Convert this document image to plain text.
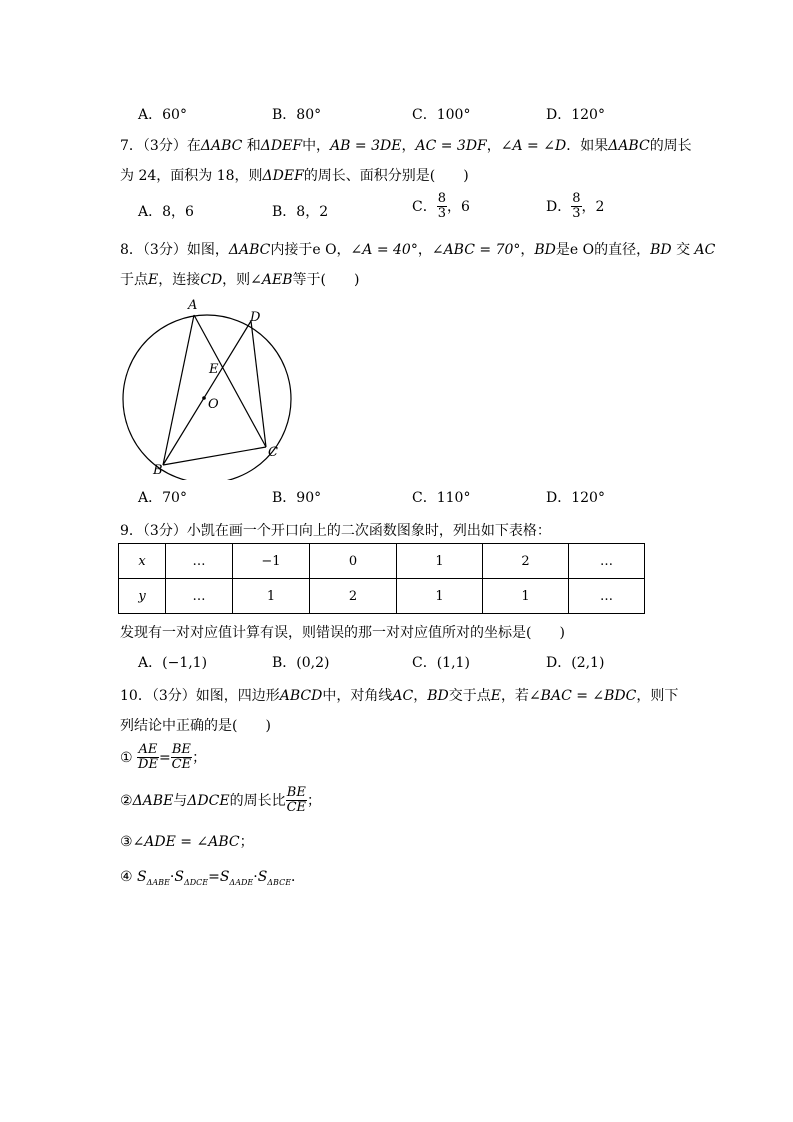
A．60°	B．80°	C．100°	D．120°
7．（3分）在ΔABC 和ΔDEF中，AB = 3DE，AC = 3DF，∠A = ∠D．如果ΔABC的周长
为 24，面积为 18，则ΔDEF的周长、面积分别是(　　)
A．8，6	B．8，2	C． $\frac{8}{3}$ ，6	D． $\frac{8}{3}$ ，2
8．（3分）如图，ΔABC内接于e O，∠A = 40°，∠ABC = 70°，BD是e O的直径，BD 交 AC
于点E，连接CD，则∠AEB等于(　　)
A
D
E
O
B
C
A．70°	B．90°	C．110°	D．120°
9．（3分）小凯在画一个开口向上的二次函数图象时，列出如下表格：
x	…	−1	0	1	2	…
y	…	1	2	1	1	…
发现有一对对应值计算有误，则错误的那一对对应值所对的坐标是(　　)
A．(−1,1)	B．(0,2)	C．(1,1)	D．(2,1)
10．（3分）如图，四边形ABCD中，对角线AC，BD交于点E，若∠BAC = ∠BDC，则下
列结论中正确的是(　　)
① $\frac{AE}{DE} = \frac{BE}{CE}$ ；
②ΔABE与ΔDCE的周长比 $\frac{BE}{CE}$ ；
③∠ADE = ∠ABC；
④ $S_{\Delta ABE}\cdot S_{\Delta DCE}=S_{\Delta ADE}\cdot S_{\Delta BCE}$．
